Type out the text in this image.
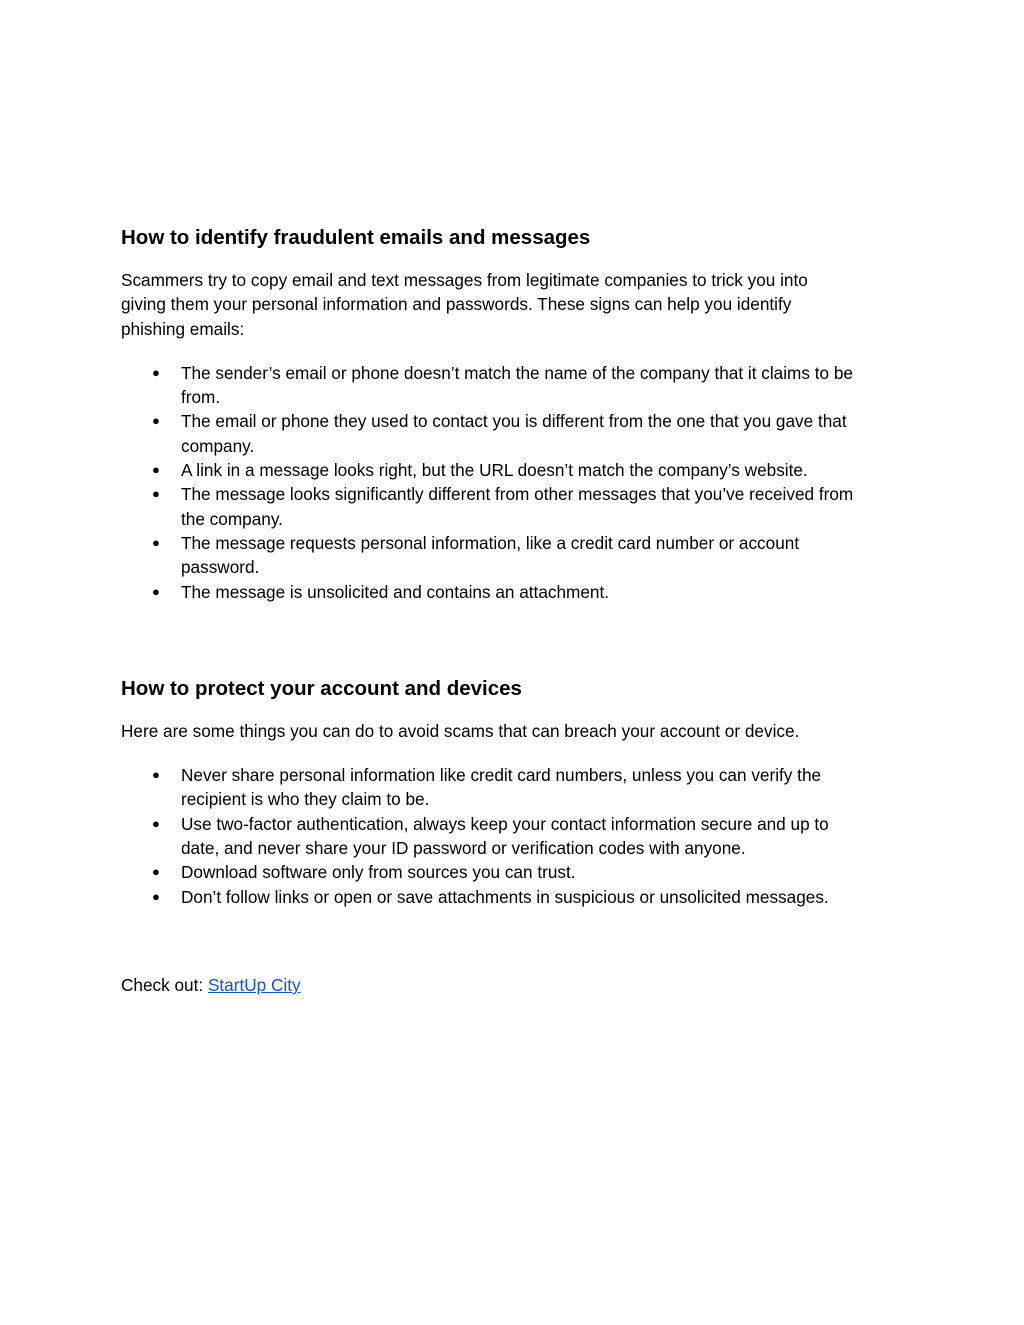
How to identify fraudulent emails and messages

Scammers try to copy email and text messages from legitimate companies to trick you into
giving them your personal information and passwords. These signs can help you identify
phishing emails:

● The sender’s email or phone doesn’t match the name of the company that it claims to be
from.
● The email or phone they used to contact you is different from the one that you gave that
company.
● A link in a message looks right, but the URL doesn’t match the company’s website.
● The message looks significantly different from other messages that you’ve received from
the company.
● The message requests personal information, like a credit card number or account
password.
● The message is unsolicited and contains an attachment.
How to protect your account and devices

Here are some things you can do to avoid scams that can breach your account or device.

● Never share personal information like credit card numbers, unless you can verify the
recipient is who they claim to be.
● Use two-factor authentication, always keep your contact information secure and up to
date, and never share your ID password or verification codes with anyone.
● Download software only from sources you can trust.
● Don’t follow links or open or save attachments in suspicious or unsolicited messages.

Check out: StartUp City
